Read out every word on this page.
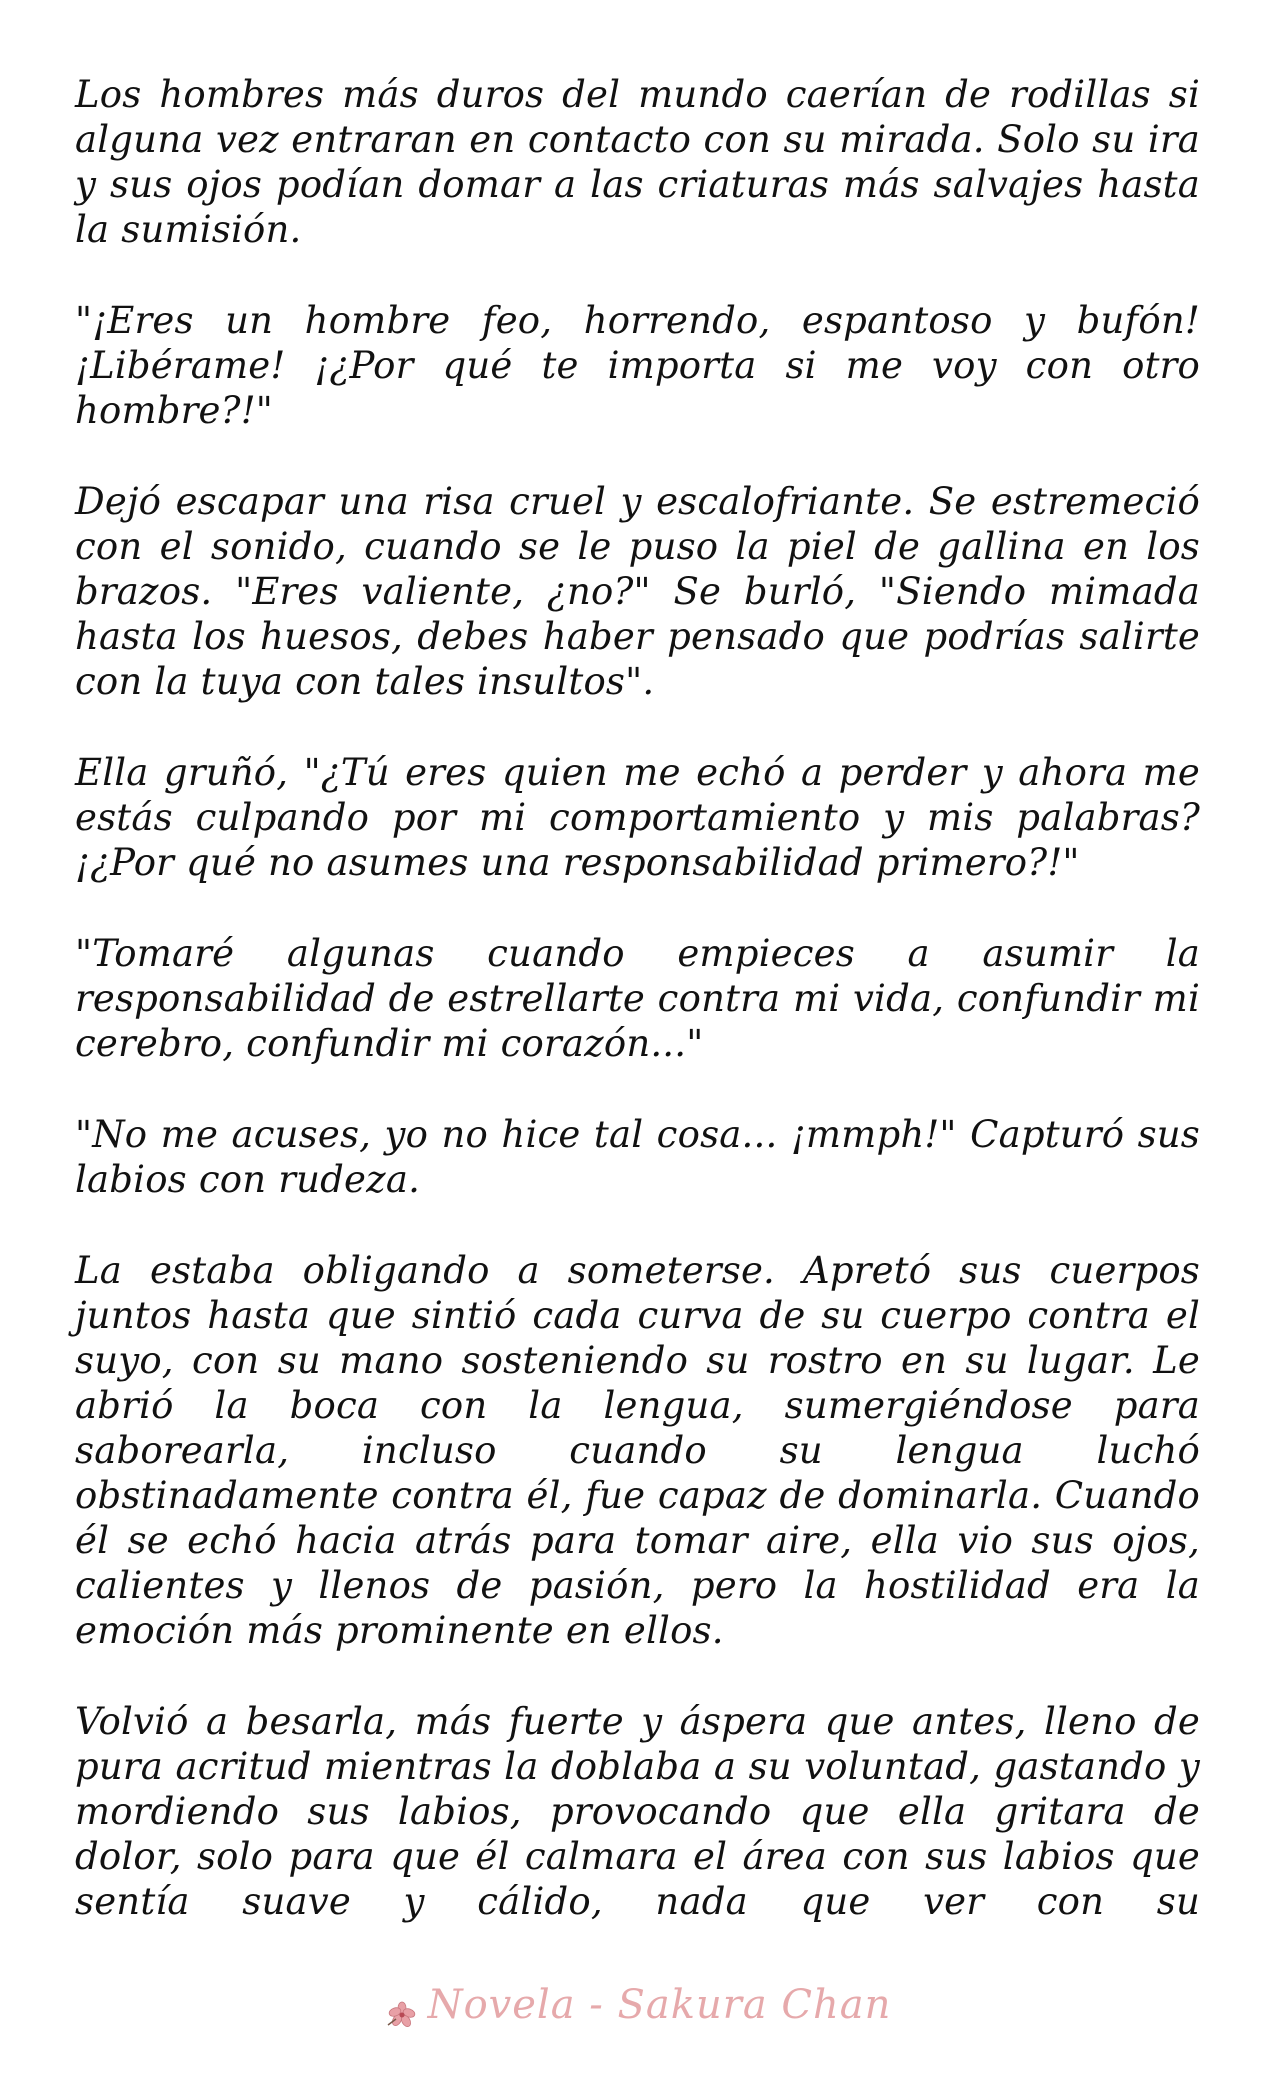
Los hombres más duros del mundo caerían de rodillas si alguna vez entraran en contacto con su mirada. Solo su ira y sus ojos podían domar a las criaturas más salvajes hasta la sumisión.

"¡Eres un hombre feo, horrendo, espantoso y bufón! ¡Libérame! ¡¿Por qué te importa si me voy con otro hombre?!"

Dejó escapar una risa cruel y escalofriante. Se estremeció con el sonido, cuando se le puso la piel de gallina en los brazos. "Eres valiente, ¿no?" Se burló, "Siendo mimada hasta los huesos, debes haber pensado que podrías salirte con la tuya con tales insultos".

Ella gruñó, "¿Tú eres quien me echó a perder y ahora me estás culpando por mi comportamiento y mis palabras? ¡¿Por qué no asumes una responsabilidad primero?!"

"Tomaré algunas cuando empieces a asumir la responsabilidad de estrellarte contra mi vida, confundir mi cerebro, confundir mi corazón..."

"No me acuses, yo no hice tal cosa... ¡mmph!" Capturó sus labios con rudeza.

La estaba obligando a someterse. Apretó sus cuerpos juntos hasta que sintió cada curva de su cuerpo contra el suyo, con su mano sosteniendo su rostro en su lugar. Le abrió la boca con la lengua, sumergiéndose para saborearla, incluso cuando su lengua luchó obstinadamente contra él, fue capaz de dominarla. Cuando él se echó hacia atrás para tomar aire, ella vio sus ojos, calientes y llenos de pasión, pero la hostilidad era la emoción más prominente en ellos.

Volvió a besarla, más fuerte y áspera que antes, lleno de pura acritud mientras la doblaba a su voluntad, gastando y mordiendo sus labios, provocando que ella gritara de dolor, solo para que él calmara el área con sus labios que sentía suave y cálido, nada que ver con su

Novela - Sakura Chan
